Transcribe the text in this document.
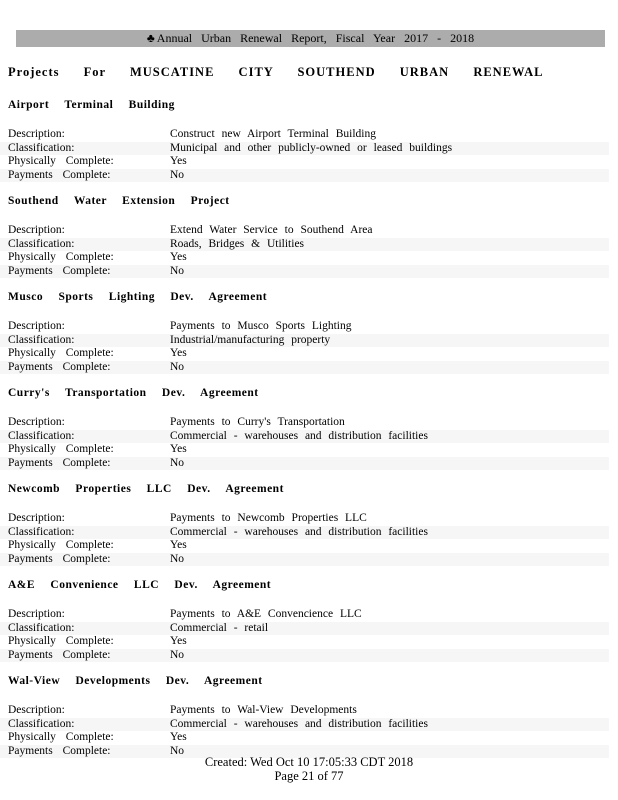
♣ Annual Urban Renewal Report, Fiscal Year 2017 - 2018
Projects For MUSCATINE CITY SOUTHEND URBAN RENEWAL
Airport Terminal Building
Description:	Construct new Airport Terminal Building
Classification:	Municipal and other publicly-owned or leased buildings
Physically Complete:	Yes
Payments Complete:	No
Southend Water Extension Project
Description:	Extend Water Service to Southend Area
Classification:	Roads, Bridges & Utilities
Physically Complete:	Yes
Payments Complete:	No
Musco Sports Lighting Dev. Agreement
Description:	Payments to Musco Sports Lighting
Classification:	Industrial/manufacturing property
Physically Complete:	Yes
Payments Complete:	No
Curry's Transportation Dev. Agreement
Description:	Payments to Curry's Transportation
Classification:	Commercial - warehouses and distribution facilities
Physically Complete:	Yes
Payments Complete:	No
Newcomb Properties LLC Dev. Agreement
Description:	Payments to Newcomb Properties LLC
Classification:	Commercial - warehouses and distribution facilities
Physically Complete:	Yes
Payments Complete:	No
A&E Convenience LLC Dev. Agreement
Description:	Payments to A&E Convencience LLC
Classification:	Commercial - retail
Physically Complete:	Yes
Payments Complete:	No
Wal-View Developments Dev. Agreement
Description:	Payments to Wal-View Developments
Classification:	Commercial - warehouses and distribution facilities
Physically Complete:	Yes
Payments Complete:	No
Created: Wed Oct 10 17:05:33 CDT 2018
Page 21 of 77
